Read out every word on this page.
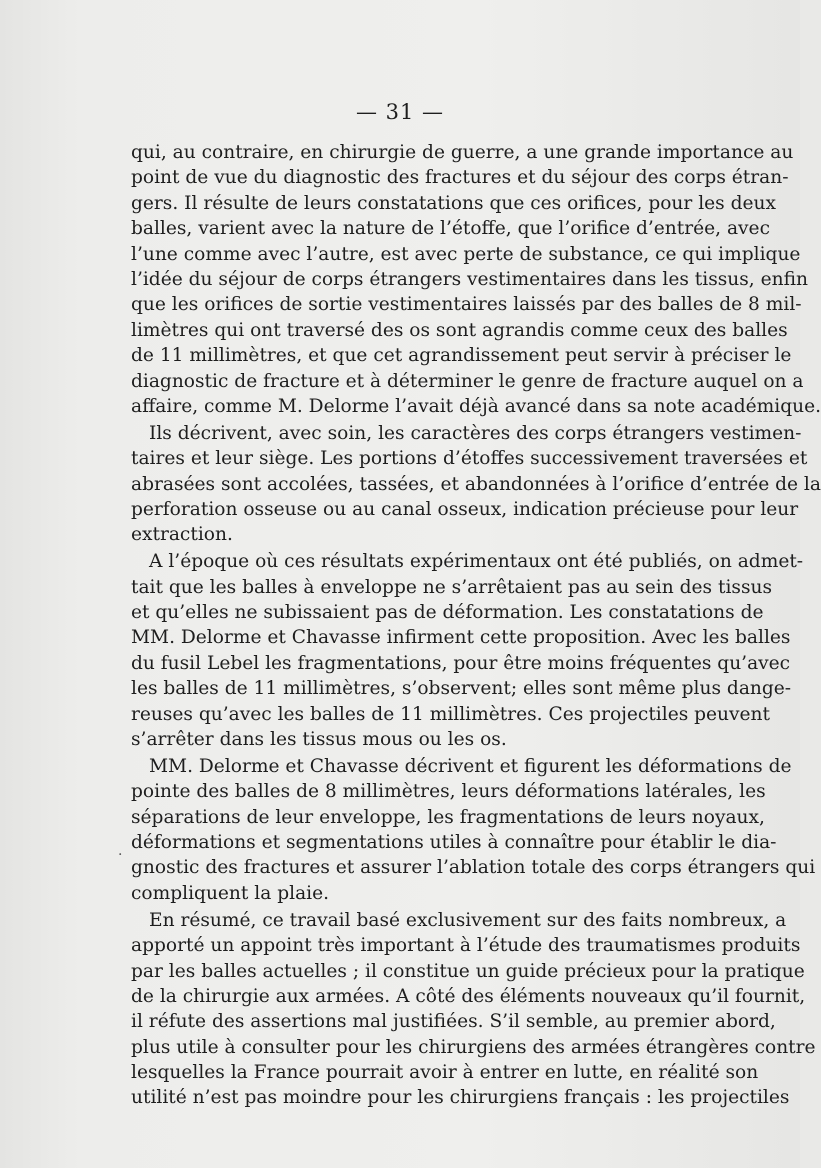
— 31 —
·
qui, au contraire, en chirurgie de guerre, a une grande importance au
point de vue du diagnostic des fractures et du séjour des corps étran-
gers. Il résulte de leurs constatations que ces orifices, pour les deux
balles, varient avec la nature de l’étoffe, que l’orifice d’entrée, avec
l’une comme avec l’autre, est avec perte de substance, ce qui implique
l’idée du séjour de corps étrangers vestimentaires dans les tissus, enfin
que les orifices de sortie vestimentaires laissés par des balles de 8 mil-
limètres qui ont traversé des os sont agrandis comme ceux des balles
de 11 millimètres, et que cet agrandissement peut servir à préciser le
diagnostic de fracture et à déterminer le genre de fracture auquel on a
affaire, comme M. Delorme l’avait déjà avancé dans sa note académique.
Ils décrivent, avec soin, les caractères des corps étrangers vestimen-
taires et leur siège. Les portions d’étoffes successivement traversées et
abrasées sont accolées, tassées, et abandonnées à l’orifice d’entrée de la
perforation osseuse ou au canal osseux, indication précieuse pour leur
extraction.
A l’époque où ces résultats expérimentaux ont été publiés, on admet-
tait que les balles à enveloppe ne s’arrêtaient pas au sein des tissus
et qu’elles ne subissaient pas de déformation. Les constatations de
MM. Delorme et Chavasse infirment cette proposition. Avec les balles
du fusil Lebel les fragmentations, pour être moins fréquentes qu’avec
les balles de 11 millimètres, s’observent; elles sont même plus dange-
reuses qu’avec les balles de 11 millimètres. Ces projectiles peuvent
s’arrêter dans les tissus mous ou les os.
MM. Delorme et Chavasse décrivent et figurent les déformations de
pointe des balles de 8 millimètres, leurs déformations latérales, les
séparations de leur enveloppe, les fragmentations de leurs noyaux,
déformations et segmentations utiles à connaître pour établir le dia-
gnostic des fractures et assurer l’ablation totale des corps étrangers qui
compliquent la plaie.
En résumé, ce travail basé exclusivement sur des faits nombreux, a
apporté un appoint très important à l’étude des traumatismes produits
par les balles actuelles ; il constitue un guide précieux pour la pratique
de la chirurgie aux armées. A côté des éléments nouveaux qu’il fournit,
il réfute des assertions mal justifiées. S’il semble, au premier abord,
plus utile à consulter pour les chirurgiens des armées étrangères contre
lesquelles la France pourrait avoir à entrer en lutte, en réalité son
utilité n’est pas moindre pour les chirurgiens français : les projectiles
